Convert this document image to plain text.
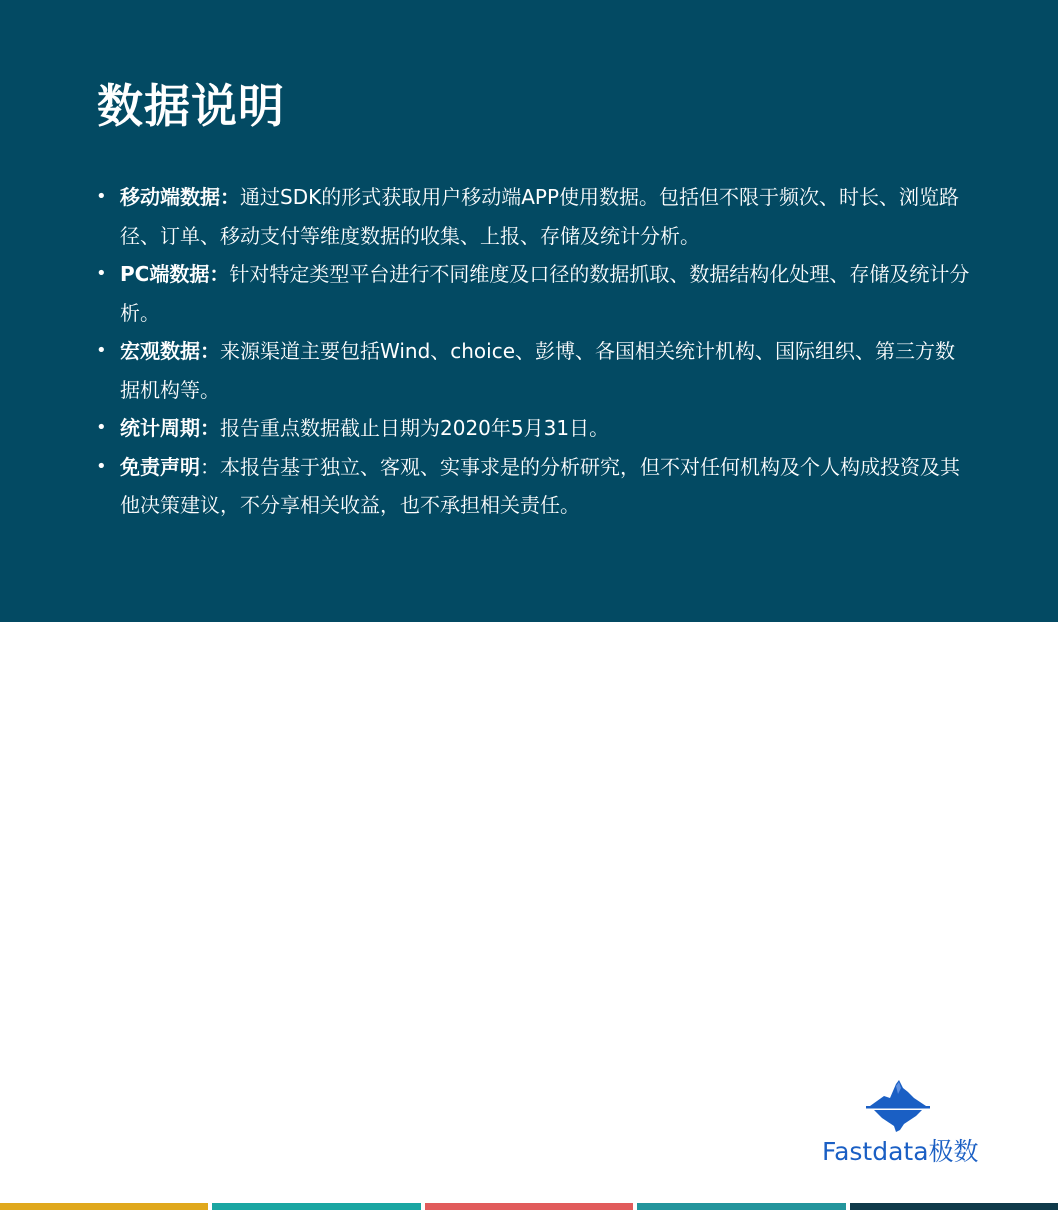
数据说明
• 移动端数据：通过SDK的形式获取用户移动端APP使用数据。包括但不限于频次、时长、浏览路径、订单、移动支付等维度数据的收集、上报、存储及统计分析。
• PC端数据：针对特定类型平台进行不同维度及口径的数据抓取、数据结构化处理、存储及统计分析。
• 宏观数据：来源渠道主要包括Wind、choice、彭博、各国相关统计机构、国际组织、第三方数据机构等。
• 统计周期：报告重点数据截止日期为2020年5月31日。
• 免责声明：本报告基于独立、客观、实事求是的分析研究，但不对任何机构及个人构成投资及其他决策建议，不分享相关收益，也不承担相关责任。
Fastdata极数
